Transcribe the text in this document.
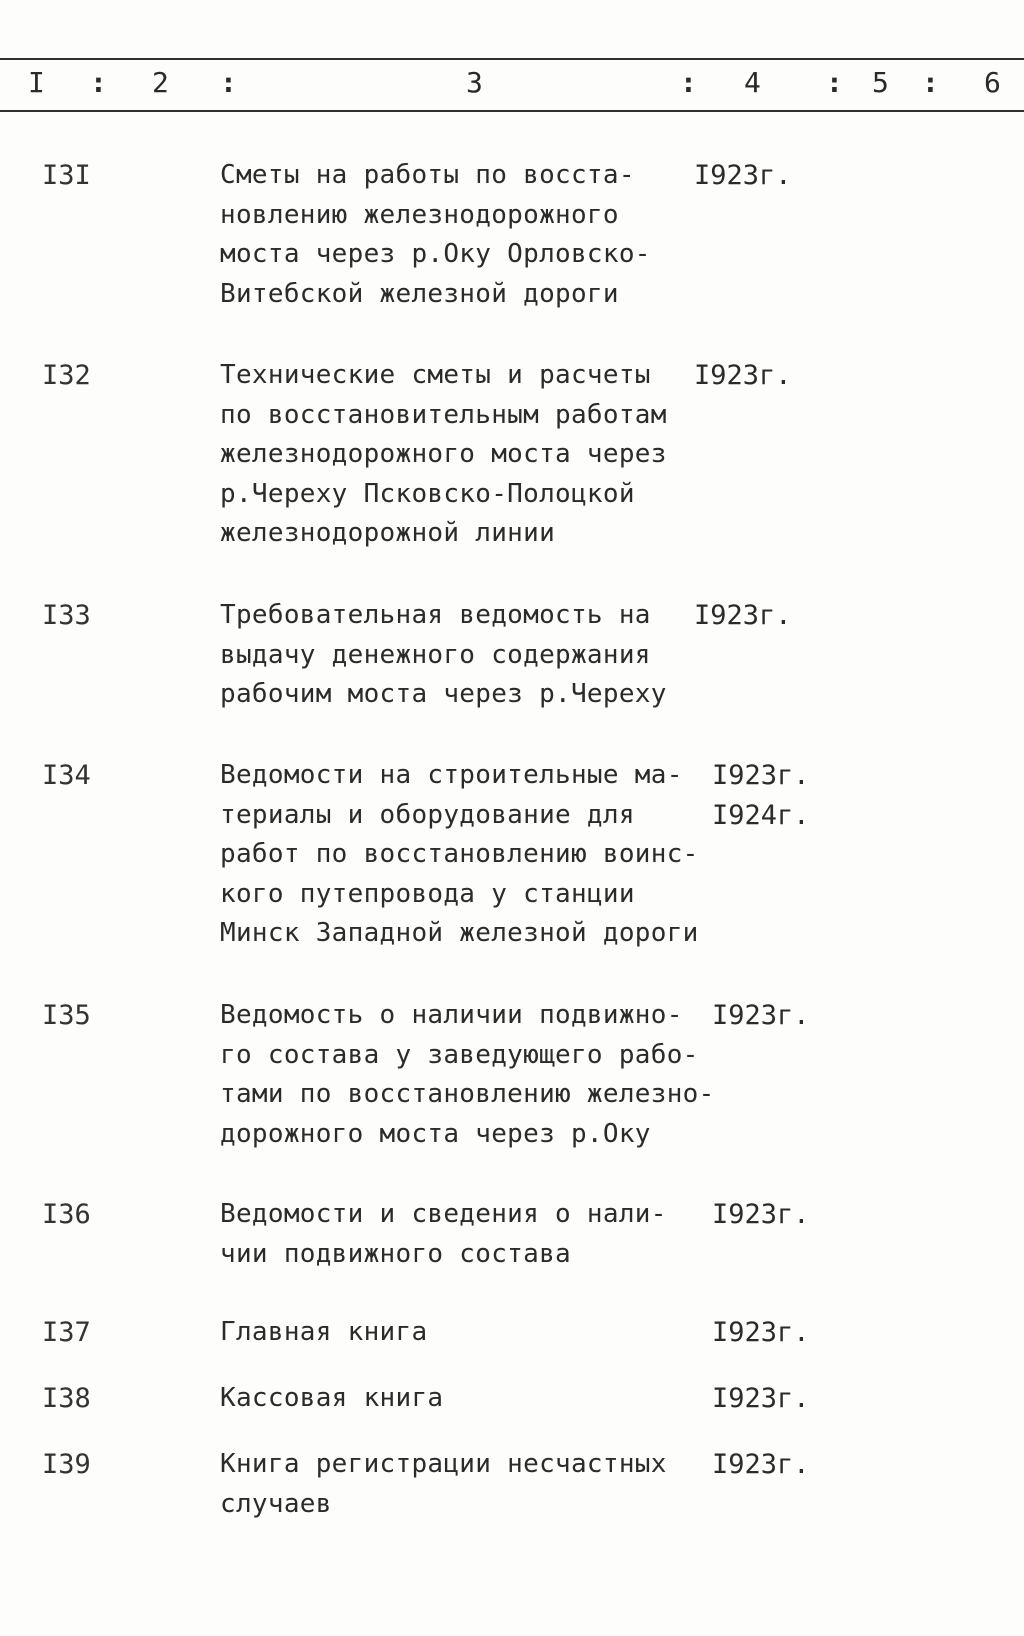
I : 2 :	3	: 4 : 5 : 6
I3I	Сметы на работы по восста-
новлению железнодорожного
моста через р.Оку Орловско-
Витебской железной дороги
I923г.
I32	Технические сметы и расчеты
по восстановительным работам
железнодорожного моста через
р.Череху Псковско-Полоцкой
железнодорожной линии
I923г.
I33	Требовательная ведомость на
выдачу денежного содержания
рабочим моста через р.Череху
I923г.
I34	Ведомости на строительные ма-
териалы и оборудование для
работ по восстановлению воинс-
кого путепровода у станции
Минск Западной железной дороги
I923г.
I924г.
I35	Ведомость о наличии подвижно-
го состава у заведующего рабо-
тами по восстановлению железно-
дорожного моста через р.Оку
I923г.
I36	Ведомости и сведения о нали-
чии подвижного состава
I923г.
I37	Главная книга	I923г.
I38	Кассовая книга	I923г.
I39	Книга регистрации несчастных
случаев
I923г.
